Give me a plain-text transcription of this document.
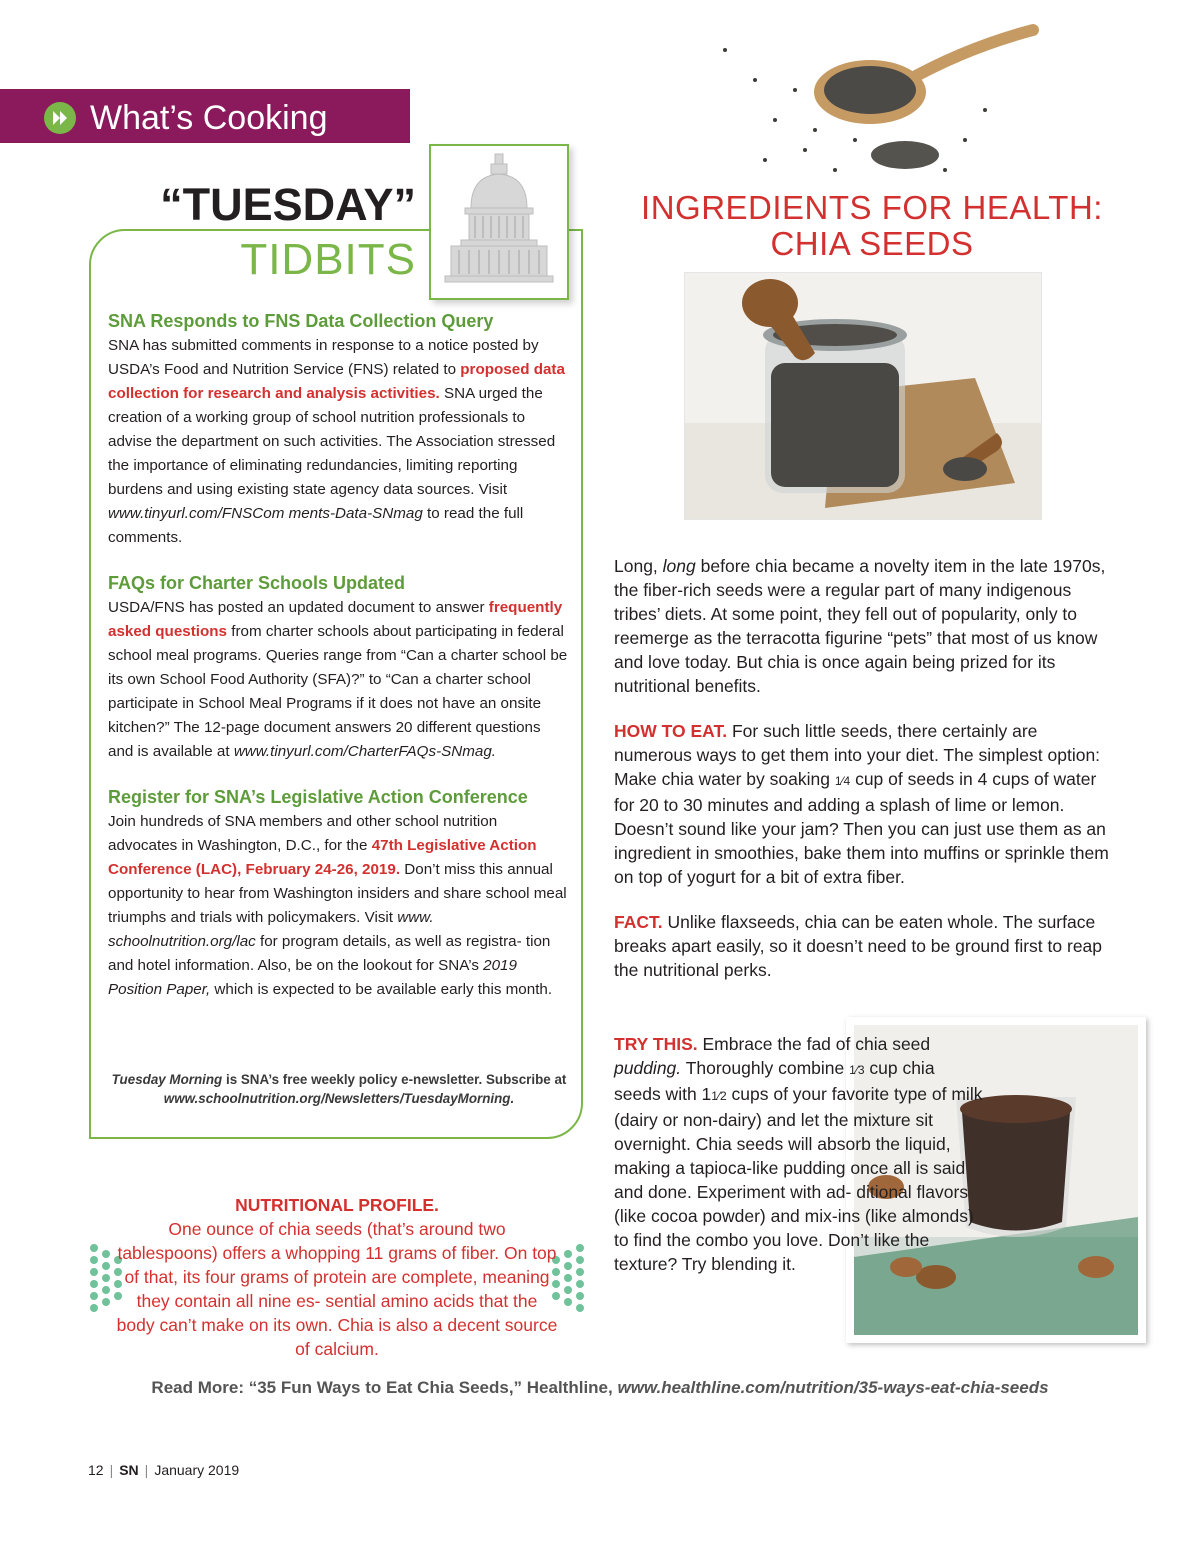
What’s Cooking
“TUESDAY”
TIDBITS
SNA Responds to FNS Data Collection Query

SNA has submitted comments in response to a notice posted by USDA’s Food and Nutrition Service (FNS) related to proposed data collection for research and analysis activities. SNA urged the creation of a working group of school nutrition professionals to advise the department on such activities. The Association stressed the importance of eliminating redundancies, limiting reporting burdens and using existing state agency data sources. Visit www.tinyurl.com/FNSCom ments-Data-SNmag to read the full comments.

FAQs for Charter Schools Updated

USDA/FNS has posted an updated document to answer frequently asked questions from charter schools about participating in federal school meal programs. Queries range from “Can a charter school be its own School Food Authority (SFA)?” to “Can a charter school participate in School Meal Programs if it does not have an onsite kitchen?” The 12-page document answers 20 different questions and is available at www.tinyurl.com/CharterFAQs-SNmag.

Register for SNA’s Legislative Action Conference

Join hundreds of SNA members and other school nutrition advocates in Washington, D.C., for the 47th Legislative Action Conference (LAC), February 24-26, 2019. Don’t miss this annual opportunity to hear from Washington insiders and share school meal triumphs and trials with policymakers. Visit www. schoolnutrition.org/lac for program details, as well as registra- tion and hotel information. Also, be on the lookout for SNA’s 2019 Position Paper, which is expected to be available early this month.

Tuesday Morning is SNA’s free weekly policy e-newsletter. Subscribe at www.schoolnutrition.org/Newsletters/TuesdayMorning.
NUTRITIONAL PROFILE.
One ounce of chia seeds (that’s around two tablespoons) offers a whopping 11 grams of fiber. On top of that, its four grams of protein are complete, meaning they contain all nine es- sential amino acids that the body can’t make on its own. Chia is also a decent source of calcium.
INGREDIENTS FOR HEALTH:
CHIA SEEDS

Long, long before chia became a novelty item in the late 1970s, the fiber-rich seeds were a regular part of many indigenous tribes’ diets. At some point, they fell out of popularity, only to reemerge as the terracotta figurine “pets” that most of us know and love today. But chia is once again being prized for its nutritional benefits.

HOW TO EAT. For such little seeds, there certainly are numerous ways to get them into your diet. The simplest option: Make chia water by soaking 1⁄4 cup of seeds in 4 cups of water for 20 to 30 minutes and adding a splash of lime or lemon. Doesn’t sound like your jam? Then you can just use them as an ingredient in smoothies, bake them into muffins or sprinkle them on top of yogurt for a bit of extra fiber.

FACT. Unlike flaxseeds, chia can be eaten whole. The surface breaks apart easily, so it doesn’t need to be ground first to reap the nutritional perks.

TRY THIS. Embrace the fad of chia seed pudding. Thoroughly combine 1⁄3 cup chia seeds with 11⁄2 cups of your favorite type of milk (dairy or non-dairy) and let the mixture sit overnight. Chia seeds will absorb the liquid, making a tapioca-like pudding once all is said and done. Experiment with ad- ditional flavors (like cocoa powder) and mix-ins (like almonds) to find the combo you love. Don’t like the texture? Try blending it.
Read More: “35 Fun Ways to Eat Chia Seeds,” Healthline, www.healthline.com/nutrition/35-ways-eat-chia-seeds
12 | SN | January 2019
